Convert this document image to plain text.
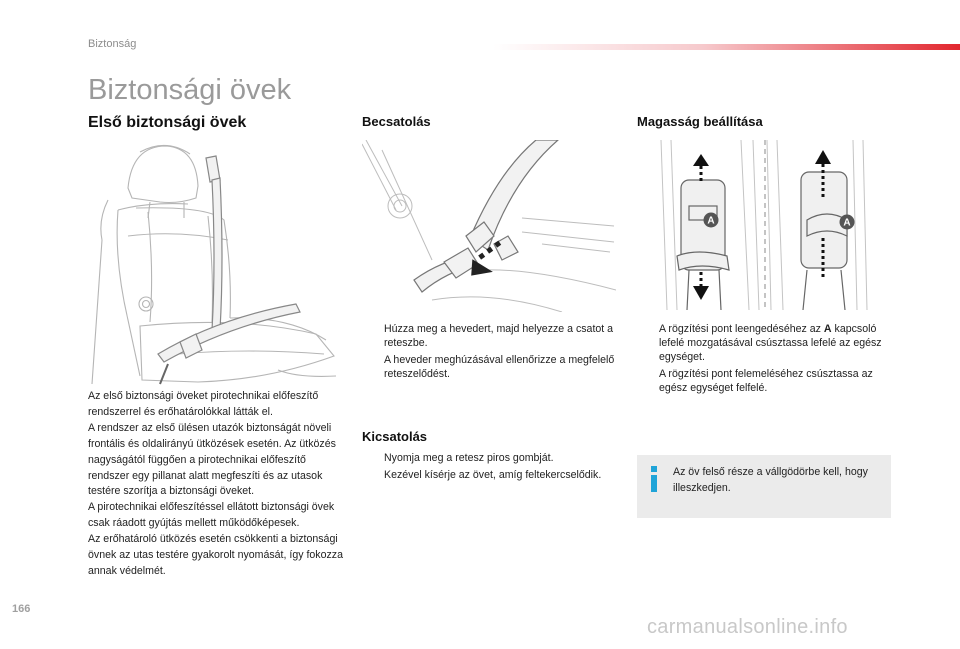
Biztonság
Biztonsági övek
Első biztonsági övek	Becsatolás	Magasság beállítása

Az első biztonsági öveket pirotechnikai előfeszítő rendszerrel és erőhatárolókkal látták el.

A rendszer az első ülésen utazók biztonságát növeli frontális és oldalirányú ütközések esetén. Az ütközés nagyságától függően a pirotechnikai előfeszítő rendszer egy pillanat alatt megfeszíti és az utasok testére szorítja a biztonsági öveket.

A pirotechnikai előfeszítéssel ellátott biztonsági övek csak ráadott gyújtás mellett működőképesek.

Az erőhatároló ütközés esetén csökkenti a biztonsági övnek az utas testére gyakorolt nyomását, így fokozza annak védelmét.

Húzza meg a hevedert, majd helyezze a csatot a reteszbe.
A heveder meghúzásával ellenőrizze a megfelelő reteszelődést.
Kicsatolás
Nyomja meg a retesz piros gombját.
Kezével kísérje az övet, amíg feltekercselődik.
A	A
A rögzítési pont leengedéséhez az A kapcsoló lefelé mozgatásával csúsztassa lefelé az egész egységet.
A rögzítési pont felemeléséhez csúsztassa az egész egységet felfelé.
Az öv felső része a vállgödörbe kell, hogy illeszkedjen.
166
carmanualsonline.info
